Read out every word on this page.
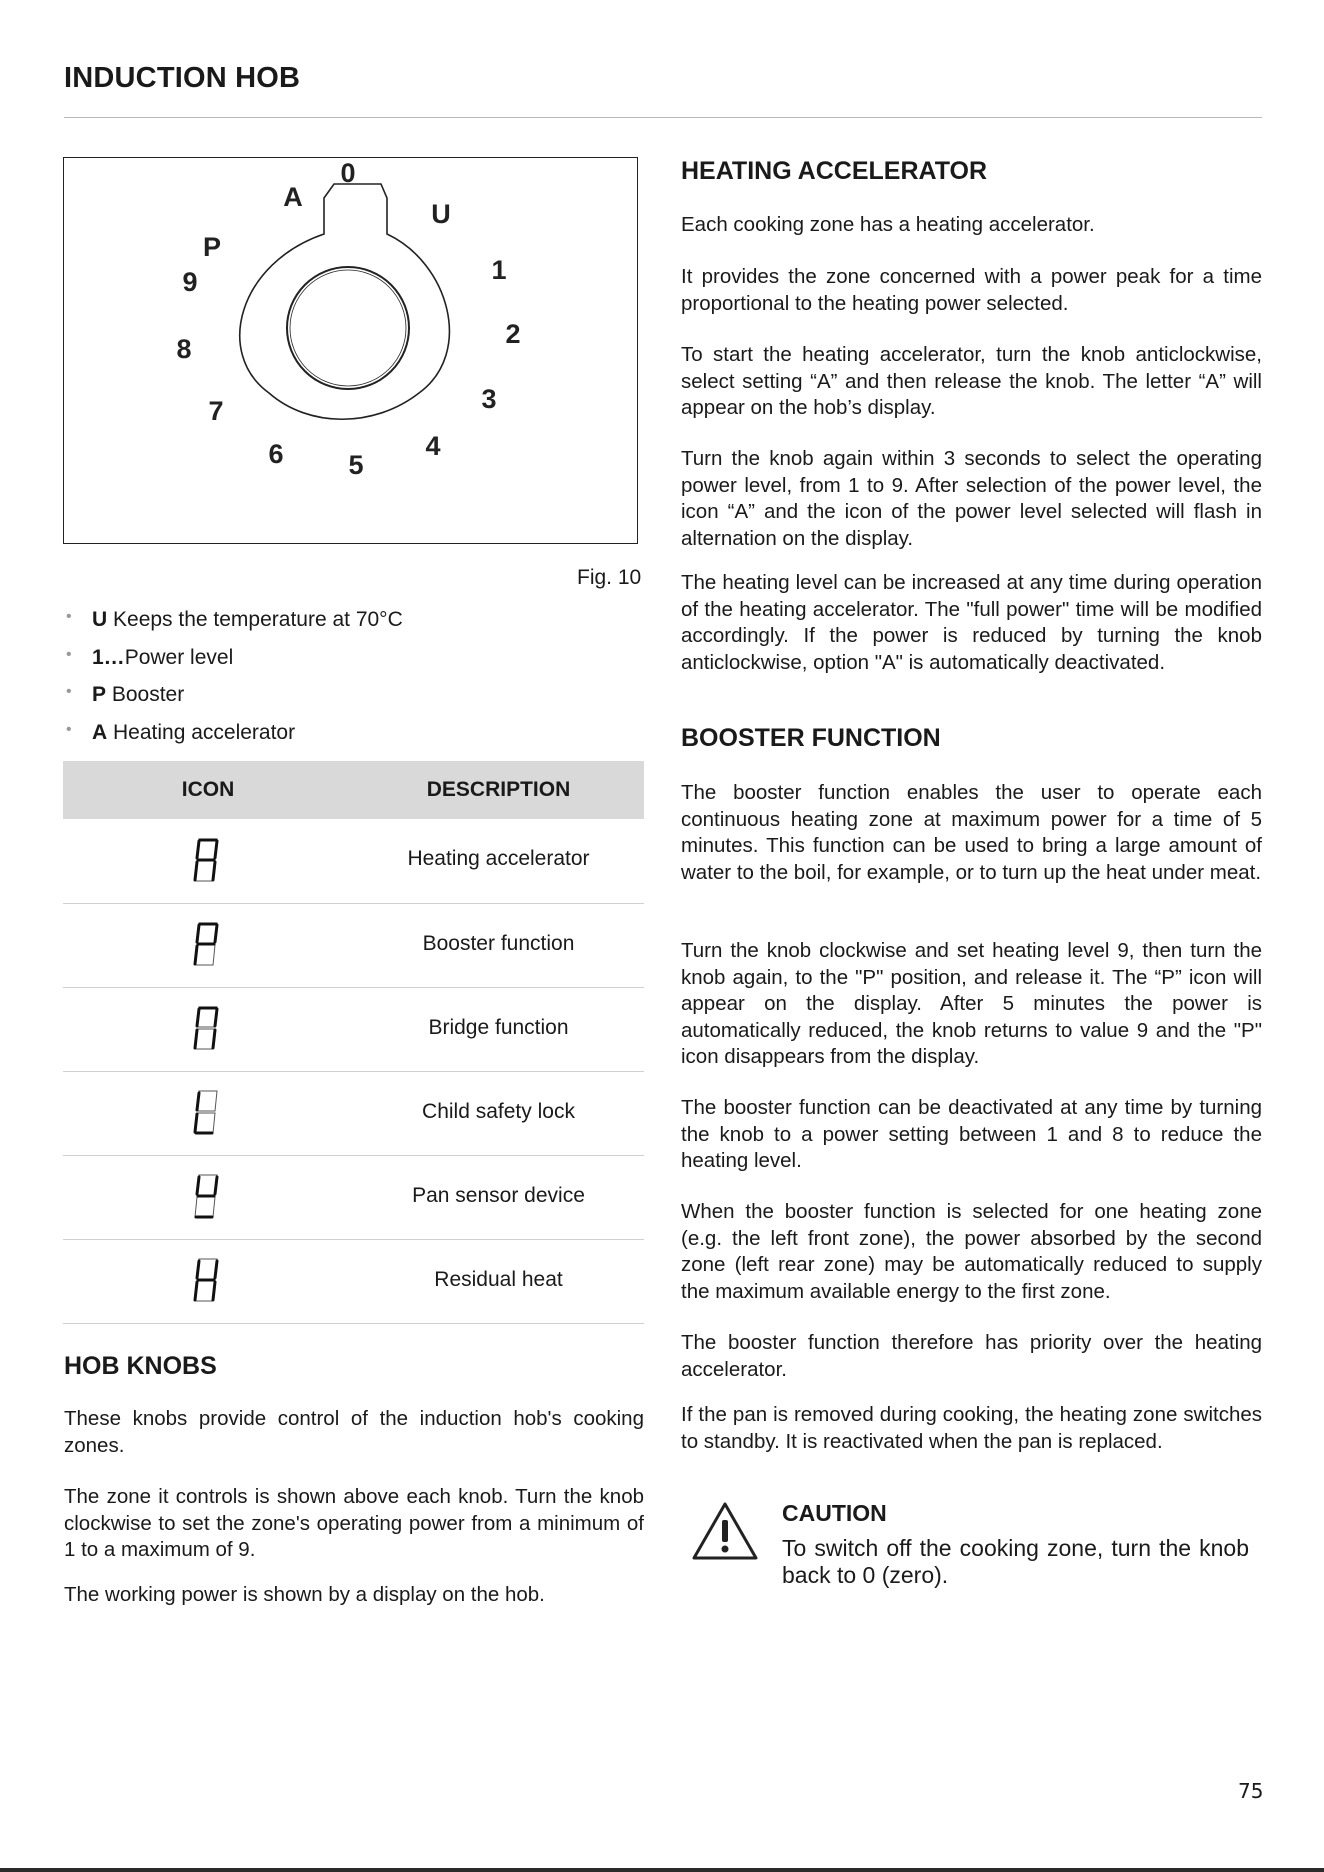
INDUCTION HOB
0
U
1
2
3
4
5
6
7
8
9
P
A
Fig. 10
• U Keeps the temperature at 70°C
• 1…Power level
• P Booster
• A Heating accelerator
ICON	DESCRIPTION
	Heating accelerator
	Booster function
	Bridge function
	Child safety lock
	Pan sensor device
	Residual heat
HOB KNOBS
These knobs provide control of the induction hob's cooking zones.
The zone it controls is shown above each knob. Turn the knob clockwise to set the zone's operating power from a minimum of 1 to a maximum of 9.
The working power is shown by a display on the hob.
HEATING ACCELERATOR
Each cooking zone has a heating accelerator.
It provides the zone concerned with a power peak for a time proportional to the heating power selected.
To start the heating accelerator, turn the knob anticlockwise, select setting “A” and then release the knob. The letter “A” will appear on the hob’s display.
Turn the knob again within 3 seconds to select the operating power level, from 1 to 9. After selection of the power level, the icon “A” and the icon of the power level selected will flash in alternation on the display.
The heating level can be increased at any time during operation of the heating accelerator. The "full power" time will be modified accordingly. If the power is reduced by turning the knob anticlockwise, option "A" is automatically deactivated.
BOOSTER FUNCTION
The booster function enables the user to operate each continuous heating zone at maximum power for a time of 5 minutes. This function can be used to bring a large amount of water to the boil, for example, or to turn up the heat under meat.
Turn the knob clockwise and set heating level 9, then turn the knob again, to the "P" position, and release it. The “P” icon will appear on the display. After 5 minutes the power is automatically reduced, the knob returns to value 9 and the "P" icon disappears from the display.
The booster function can be deactivated at any time by turning the knob to a power setting between 1 and 8 to reduce the heating level.
When the booster function is selected for one heating zone (e.g. the left front zone), the power absorbed by the second zone (left rear zone) may be automatically reduced to supply the maximum available energy to the first zone.
The booster function therefore has priority over the heating accelerator.
If the pan is removed during cooking, the heating zone switches to standby. It is reactivated when the pan is replaced.
CAUTION
To switch off the cooking zone, turn the knob back to 0 (zero).
75
